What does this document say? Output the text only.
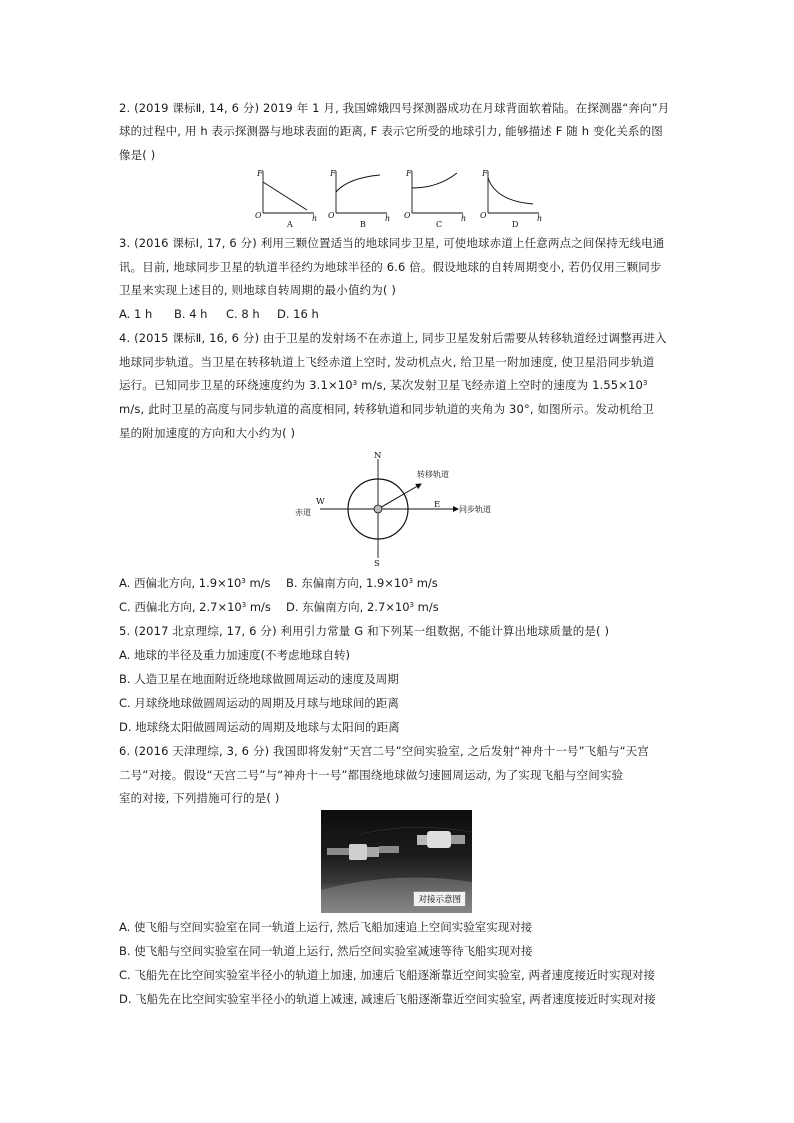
2. (2019 课标Ⅱ, 14, 6 分) 2019 年 1 月, 我国嫦娥四号探测器成功在月球背面软着陆。在探测器“奔向”月
球的过程中, 用 h 表示探测器与地球表面的距离, F 表示它所受的地球引力, 能够描述 F 随 h 变化关系的图
像是( )
F
O	h
A
F
O	h
B
F
O	h
C
F
O	h
D
3. (2016 课标Ⅰ, 17, 6 分) 利用三颗位置适当的地球同步卫星, 可使地球赤道上任意两点之间保持无线电通
讯。目前, 地球同步卫星的轨道半径约为地球半径的 6.6 倍。假设地球的自转周期变小, 若仍仅用三颗同步
卫星来实现上述目的, 则地球自转周期的最小值约为( )
A. 1 h B. 4 h C. 8 h D. 16 h
4. (2015 课标Ⅱ, 16, 6 分) 由于卫星的发射场不在赤道上, 同步卫星发射后需要从转移轨道经过调整再进入
地球同步轨道。当卫星在转移轨道上飞经赤道上空时, 发动机点火, 给卫星一附加速度, 使卫星沿同步轨道
运行。已知同步卫星的环绕速度约为 $3.1\times 10^3$ m/s, 某次发射卫星飞经赤道上空时的速度为 $1.55\times 10^3$
m/s, 此时卫星的高度与同步轨道的高度相同, 转移轨道和同步轨道的夹角为 30°, 如图所示。发动机给卫
星的附加速度的方向和大小约为( )
N
S
E
W
转移轨道
赤道	同步轨道
A. 西偏北方向, $1.9\times 10^3$ m/s B. 东偏南方向, $1.9\times 10^3$ m/s
C. 西偏北方向, $2.7\times 10^3$ m/s D. 东偏南方向, $2.7\times 10^3$ m/s
5. (2017 北京理综, 17, 6 分) 利用引力常量 G 和下列某一组数据, 不能计算出地球质量的是( )
A. 地球的半径及重力加速度(不考虑地球自转)
B. 人造卫星在地面附近绕地球做圆周运动的速度及周期
C. 月球绕地球做圆周运动的周期及月球与地球间的距离
D. 地球绕太阳做圆周运动的周期及地球与太阳间的距离
6. (2016 天津理综, 3, 6 分) 我国即将发射“天宫二号”空间实验室, 之后发射“神舟十一号”飞船与“天宫
二号”对接。假设“天宫二号”与“神舟十一号”都围绕地球做匀速圆周运动, 为了实现飞船与空间实验
室的对接, 下列措施可行的是( )
对接示意图
A. 使飞船与空间实验室在同一轨道上运行, 然后飞船加速追上空间实验室实现对接
B. 使飞船与空间实验室在同一轨道上运行, 然后空间实验室减速等待飞船实现对接
C. 飞船先在比空间实验室半径小的轨道上加速, 加速后飞船逐渐靠近空间实验室, 两者速度接近时实现对接
D. 飞船先在比空间实验室半径小的轨道上减速, 减速后飞船逐渐靠近空间实验室, 两者速度接近时实现对接
